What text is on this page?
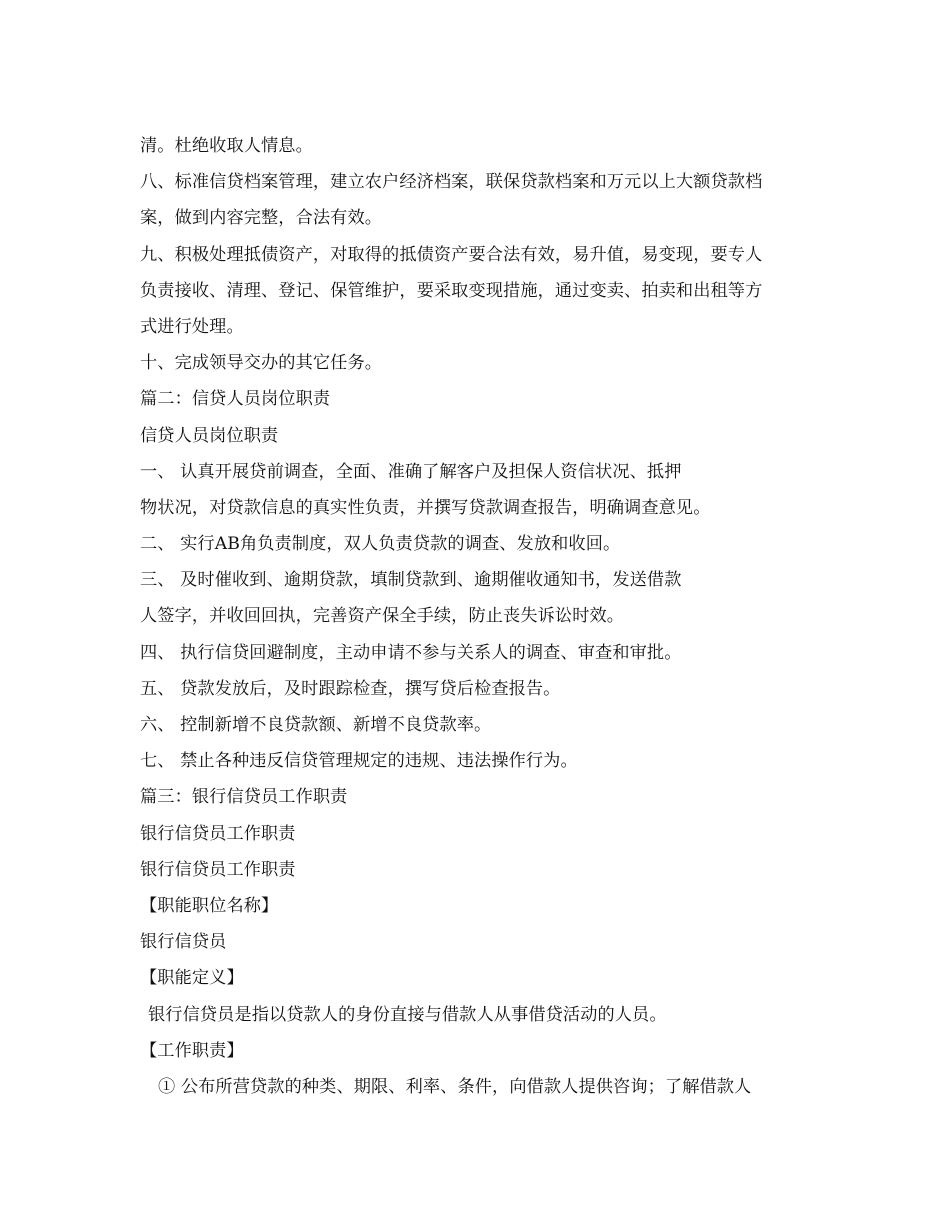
清。杜绝收取人情息。
八、标准信贷档案管理，建立农户经济档案，联保贷款档案和万元以上大额贷款档
案，做到内容完整，合法有效。
九、积极处理抵债资产，对取得的抵债资产要合法有效，易升值，易变现，要专人
负责接收、清理、登记、保管维护，要采取变现措施，通过变卖、拍卖和出租等方
式进行处理。
十、完成领导交办的其它任务。
篇二：信贷人员岗位职责
信贷人员岗位职责
一、 认真开展贷前调查，全面、准确了解客户及担保人资信状况、抵押
物状况，对贷款信息的真实性负责，并撰写贷款调查报告，明确调查意见。
二、 实行AB角负责制度，双人负责贷款的调查、发放和收回。
三、 及时催收到、逾期贷款，填制贷款到、逾期催收通知书，发送借款
人签字，并收回回执，完善资产保全手续，防止丧失诉讼时效。
四、 执行信贷回避制度，主动申请不参与关系人的调查、审查和审批。
五、 贷款发放后，及时跟踪检查，撰写贷后检查报告。
六、 控制新增不良贷款额、新增不良贷款率。
七、 禁止各种违反信贷管理规定的违规、违法操作行为。
篇三：银行信贷员工作职责
银行信贷员工作职责
银行信贷员工作职责
【职能职位名称】
银行信贷员
【职能定义】
银行信贷员是指以贷款人的身份直接与借款人从事借贷活动的人员。
【工作职责】
① 公布所营贷款的种类、期限、利率、条件，向借款人提供咨询；了解借款人
